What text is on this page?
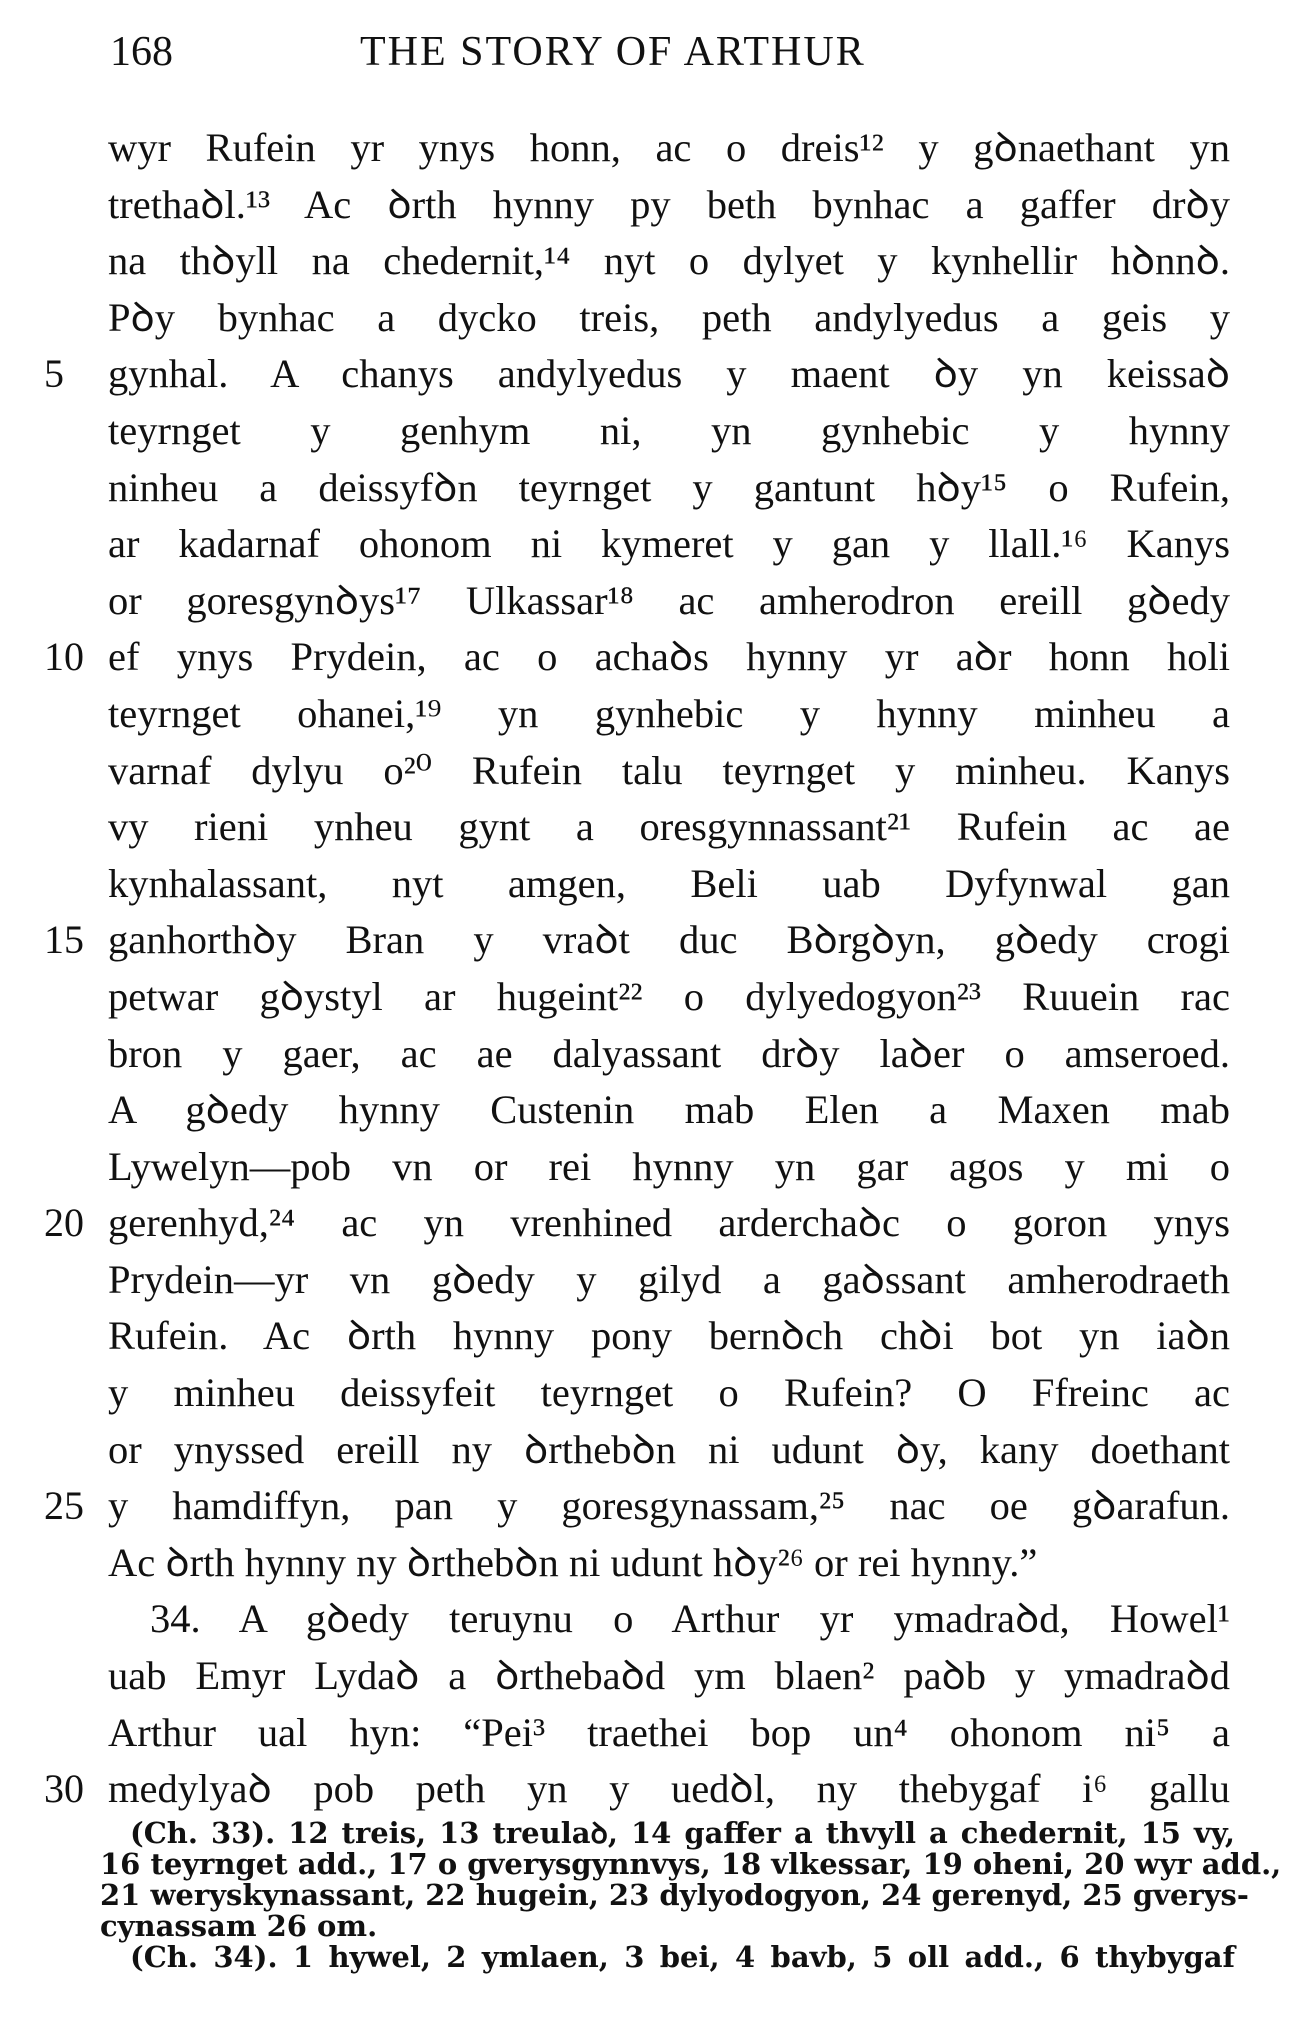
168	THE STORY OF ARTHUR
wyr Rufein yr ynys honn, ac o dreis¹² y gꝺnaethant yn
trethaꝺl.¹³ Ac ꝺrth hynny py beth bynhac a gaffer drꝺy
na thꝺyll na chedernit,¹⁴ nyt o dylyet y kynhellir hꝺnnꝺ.
Pꝺy bynhac a dycko treis, peth andylyedus a geis y
5	gynhal. A chanys andylyedus y maent ꝺy yn keissaꝺ
teyrnget y genhym ni, yn gynhebic y hynny
ninheu a deissyfꝺn teyrnget y gantunt hꝺy¹⁵ o Rufein,
ar kadarnaf ohonom ni kymeret y gan y llall.¹⁶ Kanys
or goresgynꝺys¹⁷ Ulkassar¹⁸ ac amherodron ereill gꝺedy
10 ef ynys Prydein, ac o achaꝺs hynny yr aꝺr honn holi
teyrnget ohanei,¹⁹ yn gynhebic y hynny minheu a
varnaf dylyu o²⁰ Rufein talu teyrnget y minheu. Kanys
vy rieni ynheu gynt a oresgynnassant²¹ Rufein ac ae
kynhalassant, nyt amgen, Beli uab Dyfynwal gan
15 ganhorthꝺy Bran y vraꝺt duc Bꝺrgꝺyn, gꝺedy crogi
petwar gꝺystyl ar hugeint²² o dylyedogyon²³ Ruuein rac
bron y gaer, ac ae dalyassant drꝺy laꝺer o amseroed.
A gꝺedy hynny Custenin mab Elen a Maxen mab
Lywelyn—pob vn or rei hynny yn gar agos y mi o
20 gerenhyd,²⁴ ac yn vrenhined arderchaꝺc o goron ynys
Prydein—yr vn gꝺedy y gilyd a gaꝺssant amherodraeth
Rufein. Ac ꝺrth hynny pony bernꝺch chꝺi bot yn iaꝺn
y minheu deissyfeit teyrnget o Rufein? O Ffreinc ac
or ynyssed ereill ny ꝺrthebꝺn ni udunt ꝺy, kany doethant
25 y hamdiffyn, pan y goresgynassam,²⁵ nac oe gꝺarafun.
Ac ꝺrth hynny ny ꝺrthebꝺn ni udunt hꝺy²⁶ or rei hynny.”
34. A gꝺedy teruynu o Arthur yr ymadraꝺd, Howel¹
uab Emyr Lydaꝺ a ꝺrthebaꝺd ym blaen² paꝺb y ymadraꝺd
Arthur ual hyn: “Pei³ traethei bop un⁴ ohonom ni⁵ a
30 medylyaꝺ pob peth yn y uedꝺl, ny thebygaf i⁶ gallu
(Ch. 33). 12 treis, 13 treulaꝺ, 14 gaffer a thvyll a chedernit, 15 vy,
16 teyrnget add., 17 o gverysgynnvys, 18 vlkessar, 19 oheni, 20 wyr add.,
21 weryskynassant, 22 hugein, 23 dylyodogyon, 24 gerenyd, 25 gverys-
cynassam 26 om.
(Ch. 34). 1 hywel, 2 ymlaen, 3 bei, 4 bavb, 5 oll add., 6 thybygaf
